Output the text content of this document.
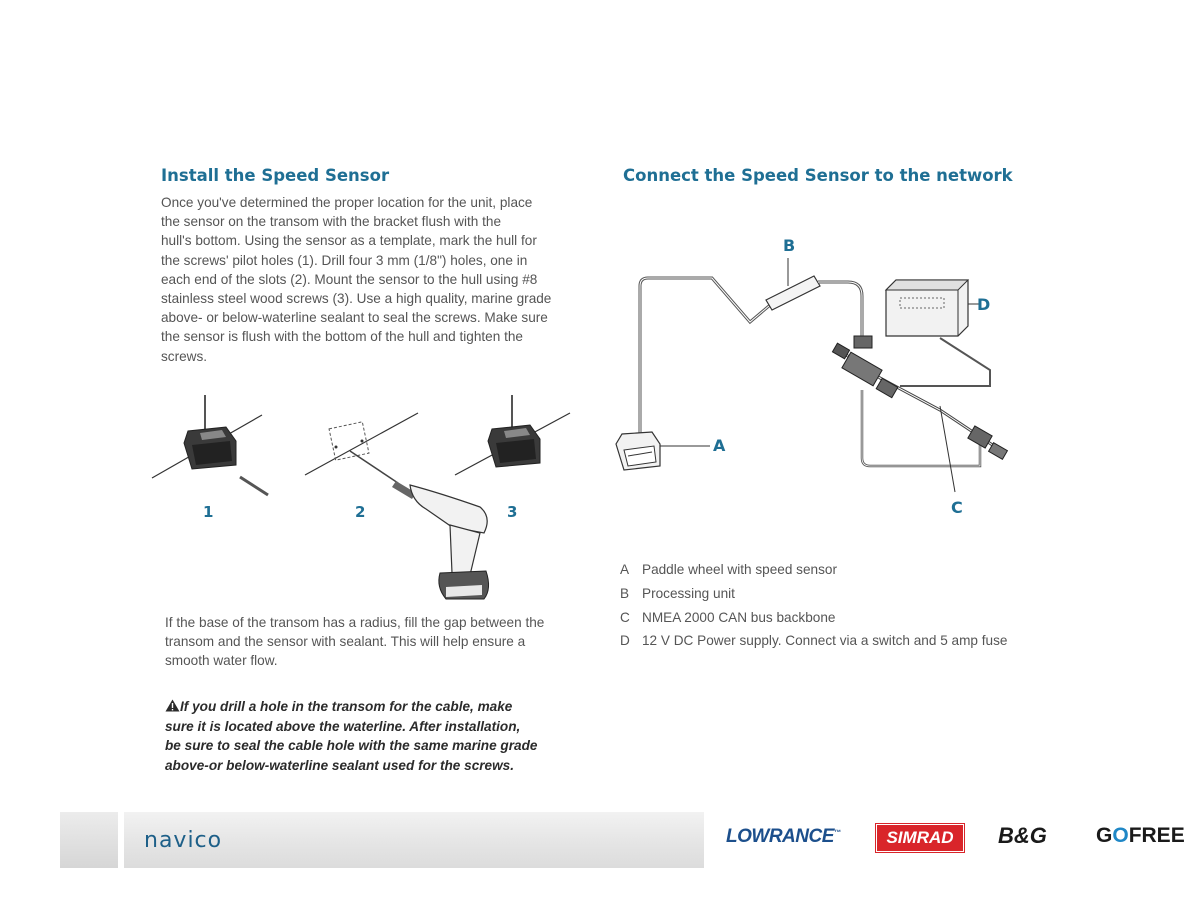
Install the Speed Sensor
Once you've determined the proper location for the unit, place
the sensor on the transom with the bracket flush with the
hull's bottom. Using the sensor as a template, mark the hull for
the screws' pilot holes (1). Drill four 3 mm (1/8") holes, one in
each end of the slots (2). Mount the sensor to the hull using #8
stainless steel wood screws (3). Use a high quality, marine grade
above- or below-waterline sealant to seal the screws. Make sure
the sensor is flush with the bottom of the hull and tighten the
screws.
1	2	3
If the base of the transom has a radius, fill the gap between the
transom and the sensor with sealant. This will help ensure a
smooth water flow.
If you drill a hole in the transom for the cable, make
sure it is located above the waterline. After installation,
be sure to seal the cable hole with the same marine grade
above-or below-waterline sealant used for the screws.
Connect the Speed Sensor to the network
B
A
D
C
A Paddle wheel with speed sensor
B Processing unit
C NMEA 2000 CAN bus backbone
D 12 V DC Power supply. Connect via a switch and 5 amp fuse
navico	LOWRANCE™	SIMRAD	B&G GOFREE
